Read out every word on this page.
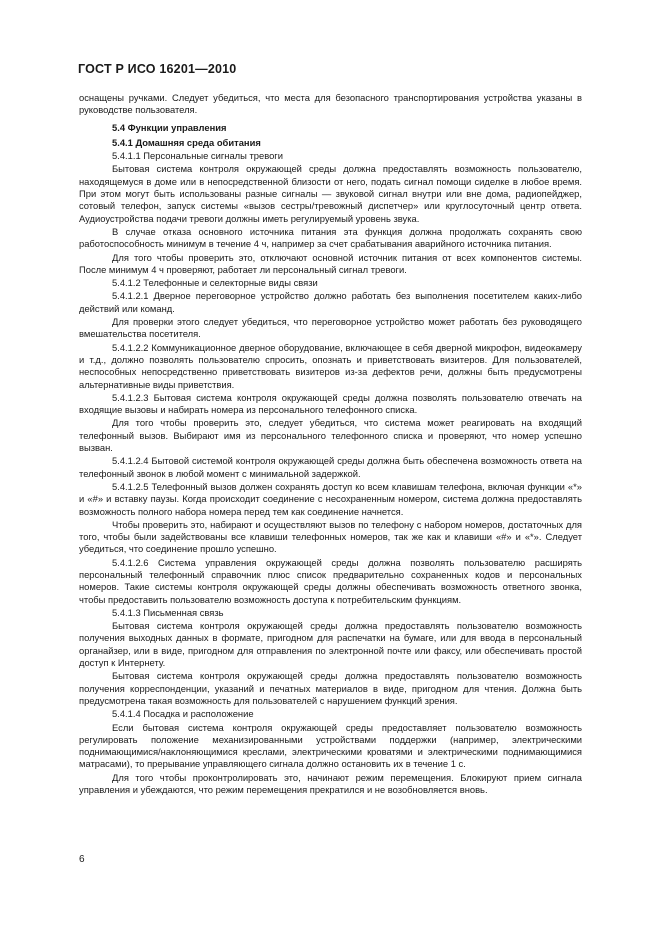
ГОСТ Р ИСО 16201—2010

оснащены ручками. Следует убедиться, что места для безопасного транспортирования устройства указаны в руководстве пользователя.

5.4 Функции управления

5.4.1 Домашняя среда обитания

5.4.1.1 Персональные сигналы тревоги

Бытовая система контроля окружающей среды должна предоставлять возможность пользователю, находящемуся в доме или в непосредственной близости от него, подать сигнал помощи сиделке в любое время. При этом могут быть использованы разные сигналы — звуковой сигнал внутри или вне дома, радиопейджер, сотовый телефон, запуск системы «вызов сестры/тревожный диспетчер» или круглосуточный центр ответа. Аудиоустройства подачи тревоги должны иметь регулируемый уровень звука.

В случае отказа основного источника питания эта функция должна продолжать сохранять свою работоспособность минимум в течение 4 ч, например за счет срабатывания аварийного источника питания.

Для того чтобы проверить это, отключают основной источник питания от всех компонентов системы. После минимум 4 ч проверяют, работает ли персональный сигнал тревоги.

5.4.1.2 Телефонные и селекторные виды связи

5.4.1.2.1 Дверное переговорное устройство должно работать без выполнения посетителем каких-либо действий или команд.

Для проверки этого следует убедиться, что переговорное устройство может работать без руководящего вмешательства посетителя.

5.4.1.2.2 Коммуникационное дверное оборудование, включающее в себя дверной микрофон, видеокамеру и т.д., должно позволять пользователю спросить, опознать и приветствовать визитеров. Для пользователей, неспособных непосредственно приветствовать визитеров из-за дефектов речи, должны быть предусмотрены альтернативные виды приветствия.

5.4.1.2.3 Бытовая система контроля окружающей среды должна позволять пользователю отвечать на входящие вызовы и набирать номера из персонального телефонного списка.

Для того чтобы проверить это, следует убедиться, что система может реагировать на входящий телефонный вызов. Выбирают имя из персонального телефонного списка и проверяют, что номер успешно вызван.

5.4.1.2.4 Бытовой системой контроля окружающей среды должна быть обеспечена возможность ответа на телефонный звонок в любой момент с минимальной задержкой.

5.4.1.2.5 Телефонный вызов должен сохранять доступ ко всем клавишам телефона, включая функции «*» и «#» и вставку паузы. Когда происходит соединение с несохраненным номером, система должна предоставлять возможность полного набора номера перед тем как соединение начнется.

Чтобы проверить это, набирают и осуществляют вызов по телефону с набором номеров, достаточных для того, чтобы были задействованы все клавиши телефонных номеров, так же как и клавиши «#» и «*». Следует убедиться, что соединение прошло успешно.

5.4.1.2.6 Система управления окружающей среды должна позволять пользователю расширять персональный телефонный справочник плюс список предварительно сохраненных кодов и персональных номеров. Такие системы контроля окружающей среды должны обеспечивать возможность ответного звонка, чтобы предоставить пользователю возможность доступа к потребительским функциям.

5.4.1.3 Письменная связь

Бытовая система контроля окружающей среды должна предоставлять пользователю возможность получения выходных данных в формате, пригодном для распечатки на бумаге, или для ввода в персональный органайзер, или в виде, пригодном для отправления по электронной почте или факсу, или обеспечивать простой доступ к Интернету.

Бытовая система контроля окружающей среды должна предоставлять пользователю возможность получения корреспонденции, указаний и печатных материалов в виде, пригодном для чтения. Должна быть предусмотрена такая возможность для пользователей с нарушением функций зрения.

5.4.1.4 Посадка и расположение

Если бытовая система контроля окружающей среды предоставляет пользователю возможность регулировать положение механизированными устройствами поддержки (например, электрическими поднимающимися/наклоняющимися креслами, электрическими кроватями и электрическими поднимающимися матрасами), то прерывание управляющего сигнала должно остановить их в течение 1 с.

Для того чтобы проконтролировать это, начинают режим перемещения. Блокируют прием сигнала управления и убеждаются, что режим перемещения прекратился и не возобновляется вновь.

6
